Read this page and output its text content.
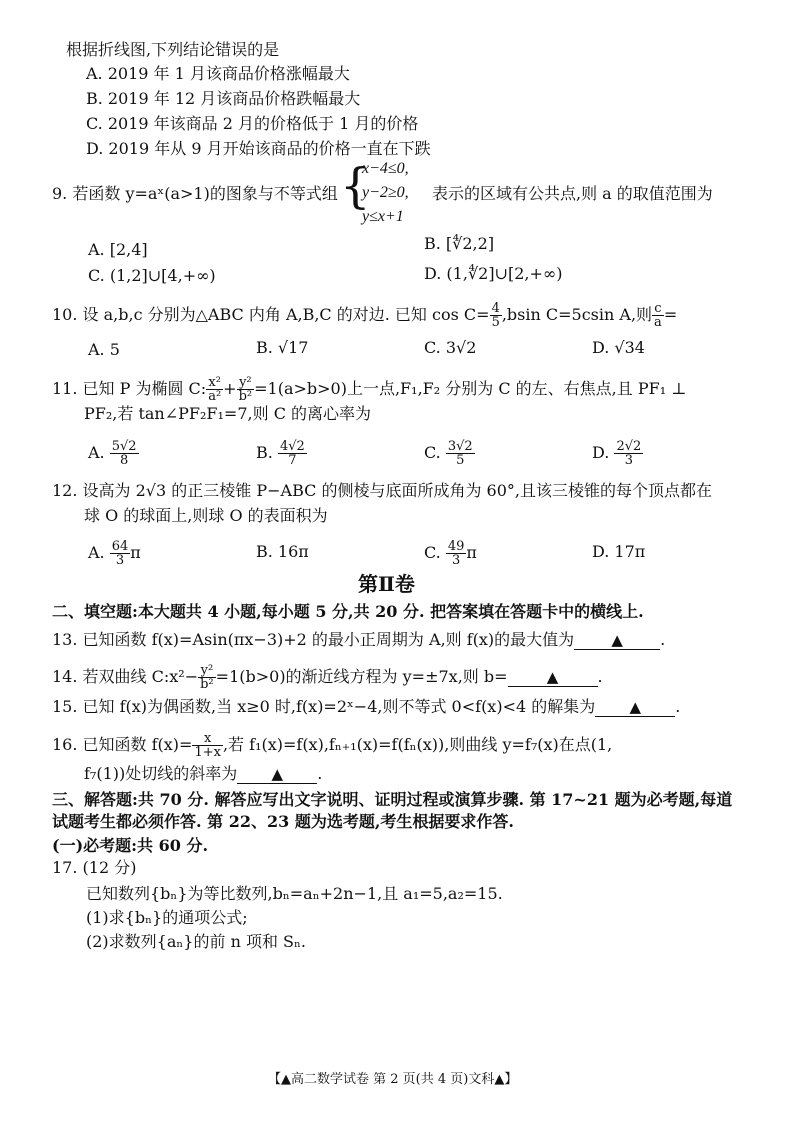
根据折线图,下列结论错误的是
A. 2019 年 1 月该商品价格涨幅最大
B. 2019 年 12 月该商品价格跌幅最大
C. 2019 年该商品 2 月的价格低于 1 月的价格
D. 2019 年从 9 月开始该商品的价格一直在下跌
9. 若函数 y=aˣ(a>1)的图象与不等式组 {
x−4≤0,
y−2≥0,
y≤x+1
表示的区域有公共点,则 a 的取值范围为
A. [2,4]	B. [∜2,2]
C. (1,2]∪[4,+∞)	D. (1,∜2]∪[2,+∞)
10. 设 a,b,c 分别为△ABC 内角 A,B,C 的对边. 已知 $\cos C= \frac{4}{5} ,bsin$ C=5csin A,则 $\frac{c}{a}$ =
A. 5	B. √17	C. 3√2	D. √34
11. 已知 P 为椭圆 C: $\frac{\text{x²}}{\text{a²}} + \frac{\text{y²}}{\text{b²}} =1(a>b>0)$上一点,F₁,F₂ 分别为 C 的左、右焦点,且 PF₁ ⊥
PF₂,若 tan∠PF₂F₁=7,则 C 的离心率为
A. $\frac{5√2}{8}$	B. $\frac{4√2}{7}$	C. $\frac{3√2}{5}$	D. $\frac{2√2}{3}$
12. 设高为 2√3 的正三棱锥 P−ABC 的侧棱与底面所成角为 60°,且该三棱锥的每个顶点都在
球 O 的球面上,则球 O 的表面积为
A. $\frac{64}{3}$ π	B. 16π	C. $\frac{49}{3}$ π	D. 17π
第Ⅱ卷
二、填空题:本大题共 4 小题,每小题 5 分,共 20 分. 把答案填在答题卡中的横线上.
13. 已知函数 f(x)=Asin(πx−3)+2 的最小正周期为 A,则 f(x)的最大值为 ▲ .
14. 若双曲线 C:x²− $\frac{\text{y²}}{\text{b²}} =1(b>0)$的渐近线方程为 y=±7x,则 b=	▲ .
15. 已知 f(x)为偶函数,当 x≥0 时,f(x)=2ˣ−4,则不等式 0<f(x)<4 的解集为 ▲ .
16. 已知函数 $f(x)= \frac{x}{1+x}$ ,若 f₁(x)=f(x),fₙ₊₁(x)=f(fₙ(x)),则曲线 y=f₇(x)在点(1,
f₇(1))处切线的斜率为 ▲ .
三、解答题:共 70 分. 解答应写出文字说明、证明过程或演算步骤. 第 17~21 题为必考题,每道
试题考生都必须作答. 第 22、23 题为选考题,考生根据要求作答.
(一)必考题:共 60 分.
17. (12 分)
已知数列{bₙ}为等比数列,bₙ=aₙ+2n−1,且 a₁=5,a₂=15.
(1)求{bₙ}的通项公式;
(2)求数列{aₙ}的前 n 项和 Sₙ.
【▲高二数学试卷 第 2 页(共 4 页)文科▲】
